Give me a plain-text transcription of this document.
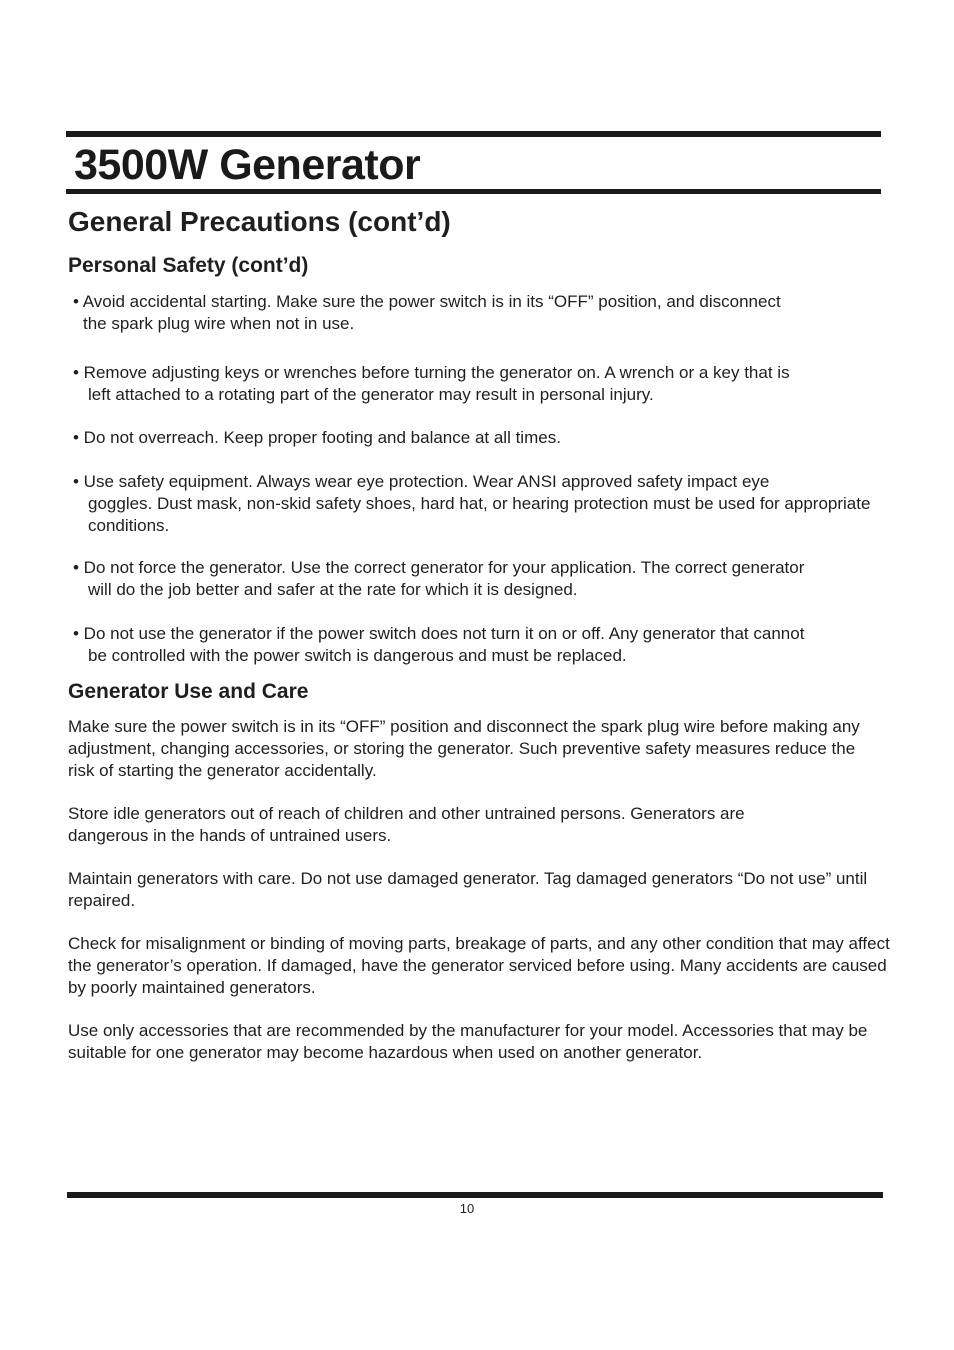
3500W Generator
General Precautions (cont’d)
Personal Safety (cont’d)
• Avoid accidental starting. Make sure the power switch is in its “OFF” position, and disconnect
the spark plug wire when not in use.
• Remove adjusting keys or wrenches before turning the generator on. A wrench or a key that is
left attached to a rotating part of the generator may result in personal injury.
• Do not overreach. Keep proper footing and balance at all times.
• Use safety equipment. Always wear eye protection. Wear ANSI approved safety impact eye
goggles. Dust mask, non-skid safety shoes, hard hat, or hearing protection must be used for appropriate conditions.
• Do not force the generator. Use the correct generator for your application. The correct generator
will do the job better and safer at the rate for which it is designed.
• Do not use the generator if the power switch does not turn it on or off. Any generator that cannot
be controlled with the power switch is dangerous and must be replaced.
Generator Use and Care

Make sure the power switch is in its “OFF” position and disconnect the spark plug wire before making any adjustment, changing accessories, or storing the generator. Such preventive safety measures reduce the risk of starting the generator accidentally.

Store idle generators out of reach of children and other untrained persons. Generators are dangerous in the hands of untrained users.

Maintain generators with care. Do not use damaged generator. Tag damaged generators “Do not use” until repaired.

Check for misalignment or binding of moving parts, breakage of parts, and any other condition that may affect the generator’s operation. If damaged, have the generator serviced before using. Many accidents are caused by poorly maintained generators.

Use only accessories that are recommended by the manufacturer for your model. Accessories that may be suitable for one generator may become hazardous when used on another generator.

10
